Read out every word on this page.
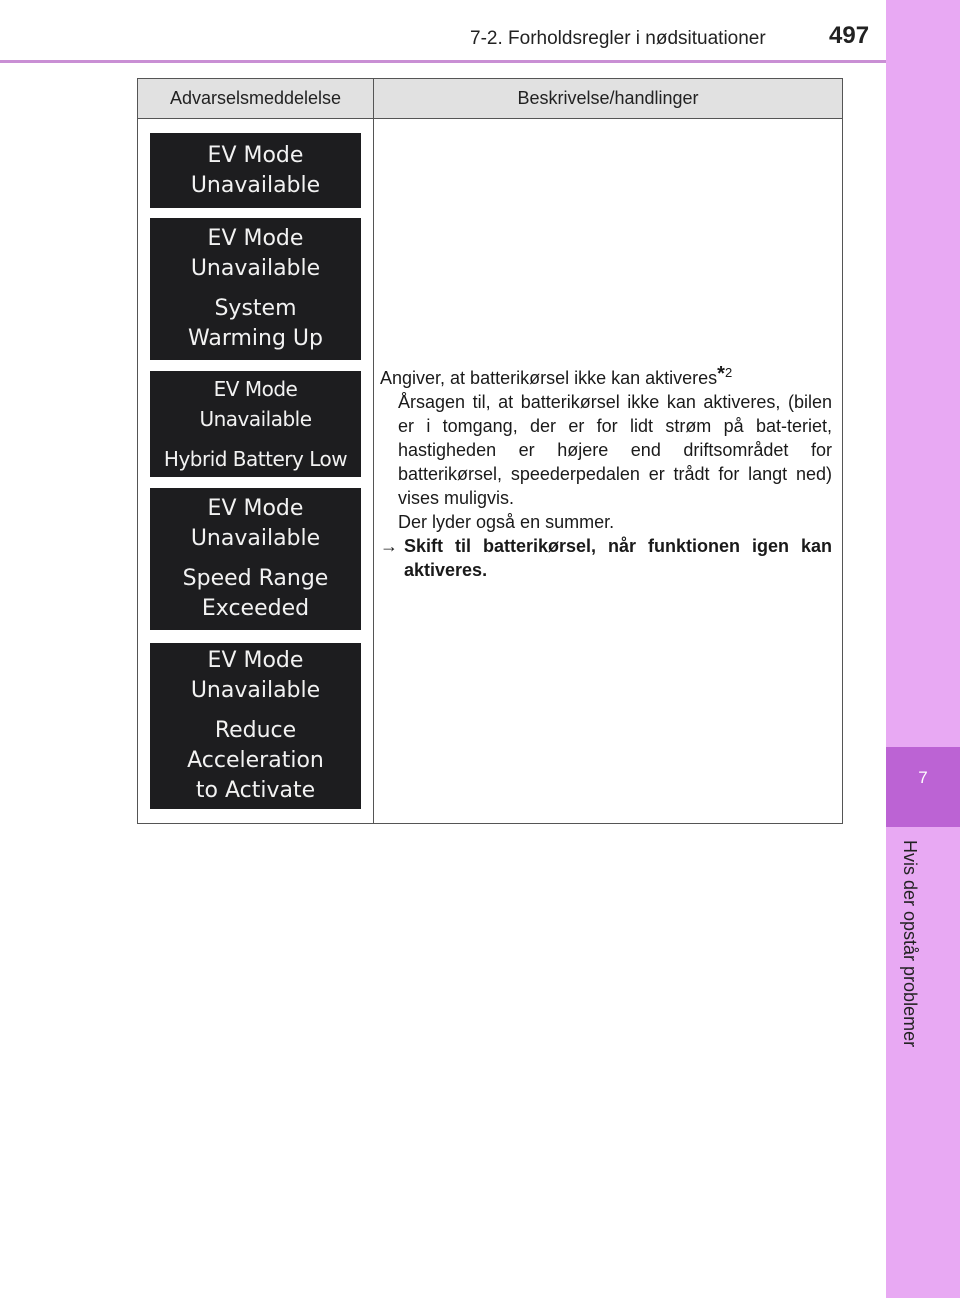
7-2. Forholdsregler i nødsituationer	497
7
Hvis der opstår problemer
Advarselsmeddelelse	Beskrivelse/handlinger
EV Mode
Unavailable
EV Mode
Unavailable
System
Warming Up
EV Mode
Unavailable
Hybrid Battery Low
EV Mode
Unavailable
Speed Range
Exceeded
EV Mode
Unavailable
Reduce
Acceleration
to Activate
Angiver, at batterikørsel ikke kan aktiveres*$^2$
Årsagen til, at batterikørsel ikke kan aktiveres, (bilen er i tomgang, der er for lidt strøm på bat-teriet, hastigheden er højere end driftsområdet for batterikørsel, speederpedalen er trådt for langt ned) vises muligvis.
Der lyder også en summer.
→ Skift til batterikørsel, når funktionen igen kan aktiveres.
